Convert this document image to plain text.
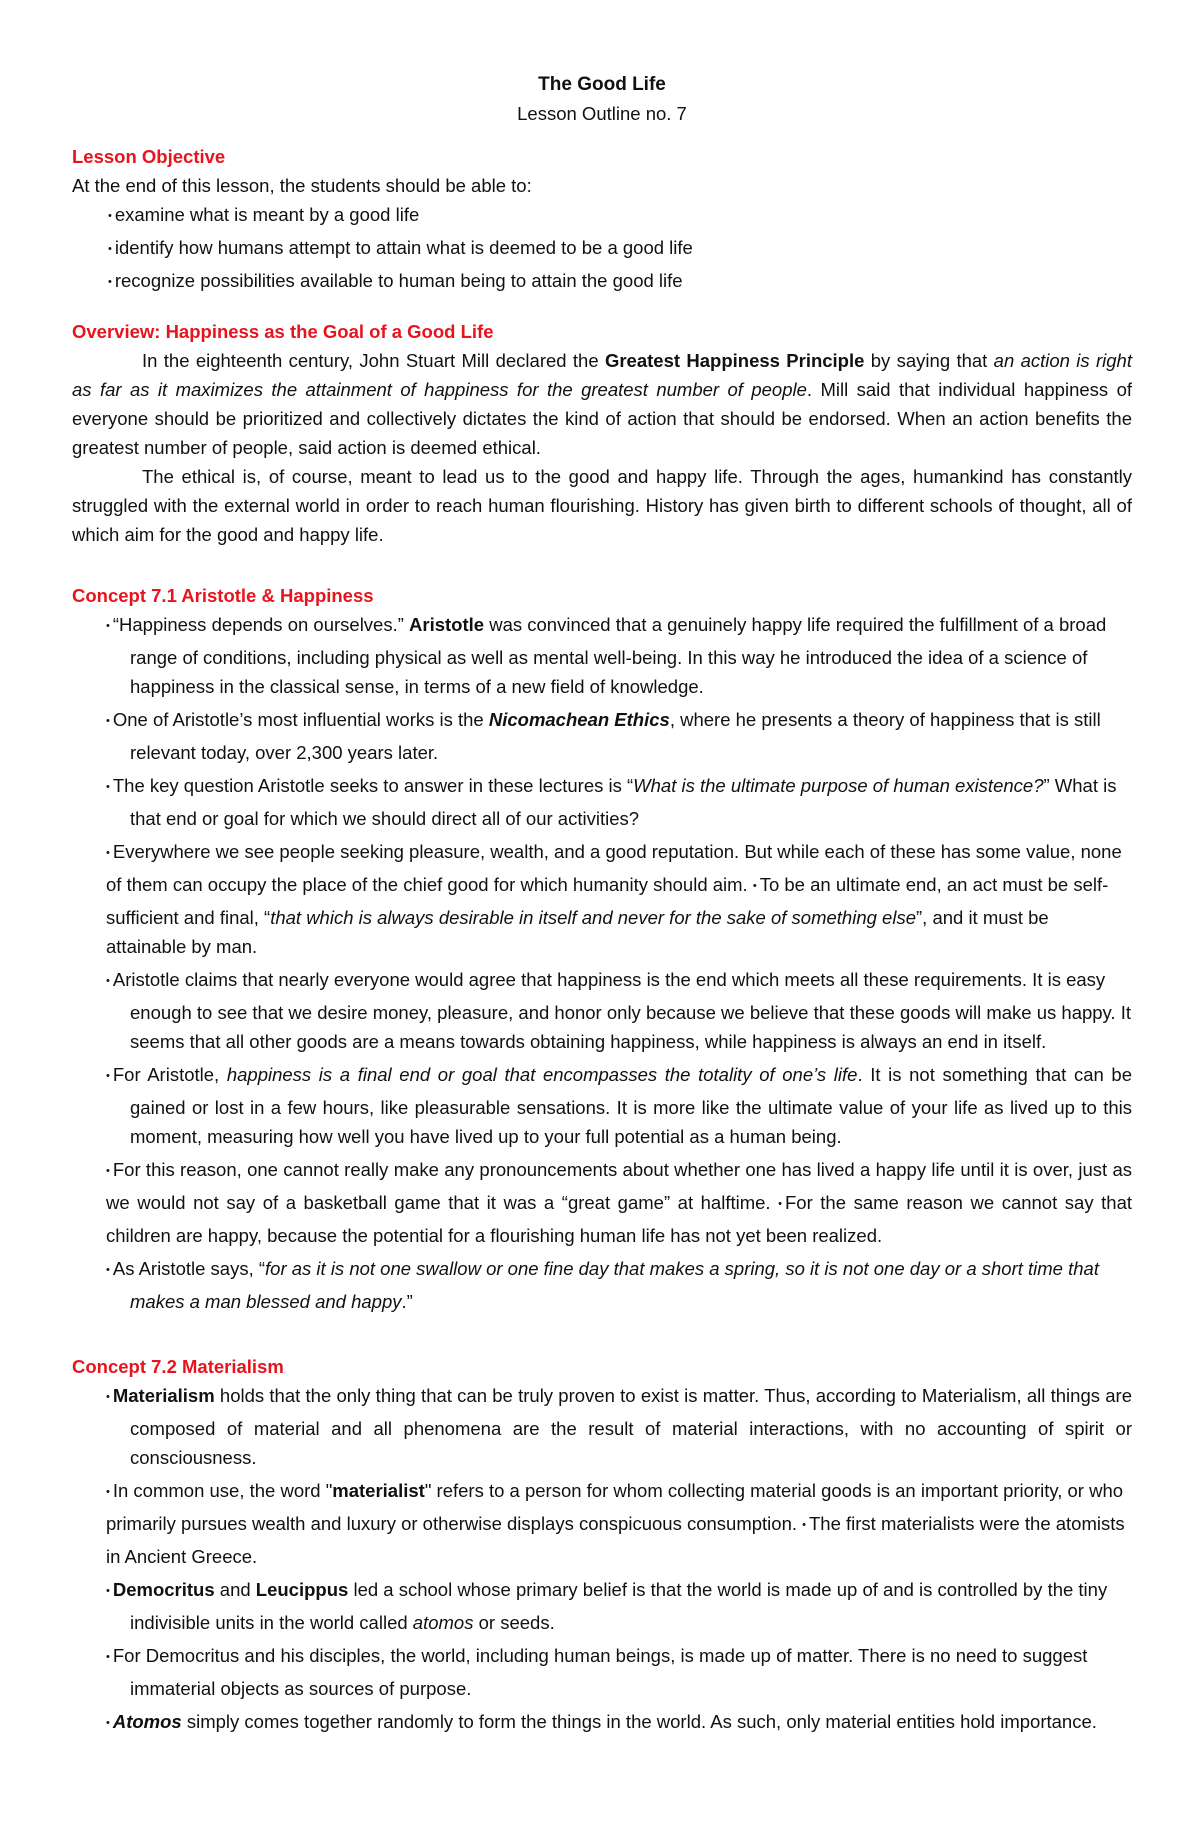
The Good Life

Lesson Outline no. 7

Lesson Objective

At the end of this lesson, the students should be able to:

• examine what is meant by a good life

• identify how humans attempt to attain what is deemed to be a good life

• recognize possibilities available to human being to attain the good life

Overview: Happiness as the Goal of a Good Life

In the eighteenth century, John Stuart Mill declared the Greatest Happiness Principle by saying that an action is right as far as it maximizes the attainment of happiness for the greatest number of people. Mill said that individual happiness of everyone should be prioritized and collectively dictates the kind of action that should be endorsed. When an action benefits the greatest number of people, said action is deemed ethical.

The ethical is, of course, meant to lead us to the good and happy life. Through the ages, humankind has constantly struggled with the external world in order to reach human flourishing. History has given birth to different schools of thought, all of which aim for the good and happy life.

Concept 7.1 Aristotle & Happiness

• “Happiness depends on ourselves.” Aristotle was convinced that a genuinely happy life required the fulfillment of a broad range of conditions, including physical as well as mental well-being. In this way he introduced the idea of a science of happiness in the classical sense, in terms of a new field of knowledge.

• One of Aristotle’s most influential works is the Nicomachean Ethics, where he presents a theory of happiness that is still relevant today, over 2,300 years later.

• The key question Aristotle seeks to answer in these lectures is “What is the ultimate purpose of human existence?” What is that end or goal for which we should direct all of our activities?

• Everywhere we see people seeking pleasure, wealth, and a good reputation. But while each of these has some value, none of them can occupy the place of the chief good for which humanity should aim. • To be an ultimate end, an act must be self-sufficient and final, “that which is always desirable in itself and never for the sake of something else”, and it must be attainable by man.

• Aristotle claims that nearly everyone would agree that happiness is the end which meets all these requirements. It is easy enough to see that we desire money, pleasure, and honor only because we believe that these goods will make us happy. It seems that all other goods are a means towards obtaining happiness, while happiness is always an end in itself.

• For Aristotle, happiness is a final end or goal that encompasses the totality of one’s life. It is not something that can be gained or lost in a few hours, like pleasurable sensations. It is more like the ultimate value of your life as lived up to this moment, measuring how well you have lived up to your full potential as a human being.

• For this reason, one cannot really make any pronouncements about whether one has lived a happy life until it is over, just as we would not say of a basketball game that it was a “great game” at halftime. • For the same reason we cannot say that children are happy, because the potential for a flourishing human life has not yet been realized.

• As Aristotle says, “for as it is not one swallow or one fine day that makes a spring, so it is not one day or a short time that makes a man blessed and happy.”

Concept 7.2 Materialism

• Materialism holds that the only thing that can be truly proven to exist is matter. Thus, according to Materialism, all things are composed of material and all phenomena are the result of material interactions, with no accounting of spirit or consciousness.

• In common use, the word "materialist" refers to a person for whom collecting material goods is an important priority, or who primarily pursues wealth and luxury or otherwise displays conspicuous consumption. • The first materialists were the atomists in Ancient Greece.

• Democritus and Leucippus led a school whose primary belief is that the world is made up of and is controlled by the tiny indivisible units in the world called atomos or seeds.

• For Democritus and his disciples, the world, including human beings, is made up of matter. There is no need to suggest immaterial objects as sources of purpose.

• Atomos simply comes together randomly to form the things in the world. As such, only material entities hold importance.
